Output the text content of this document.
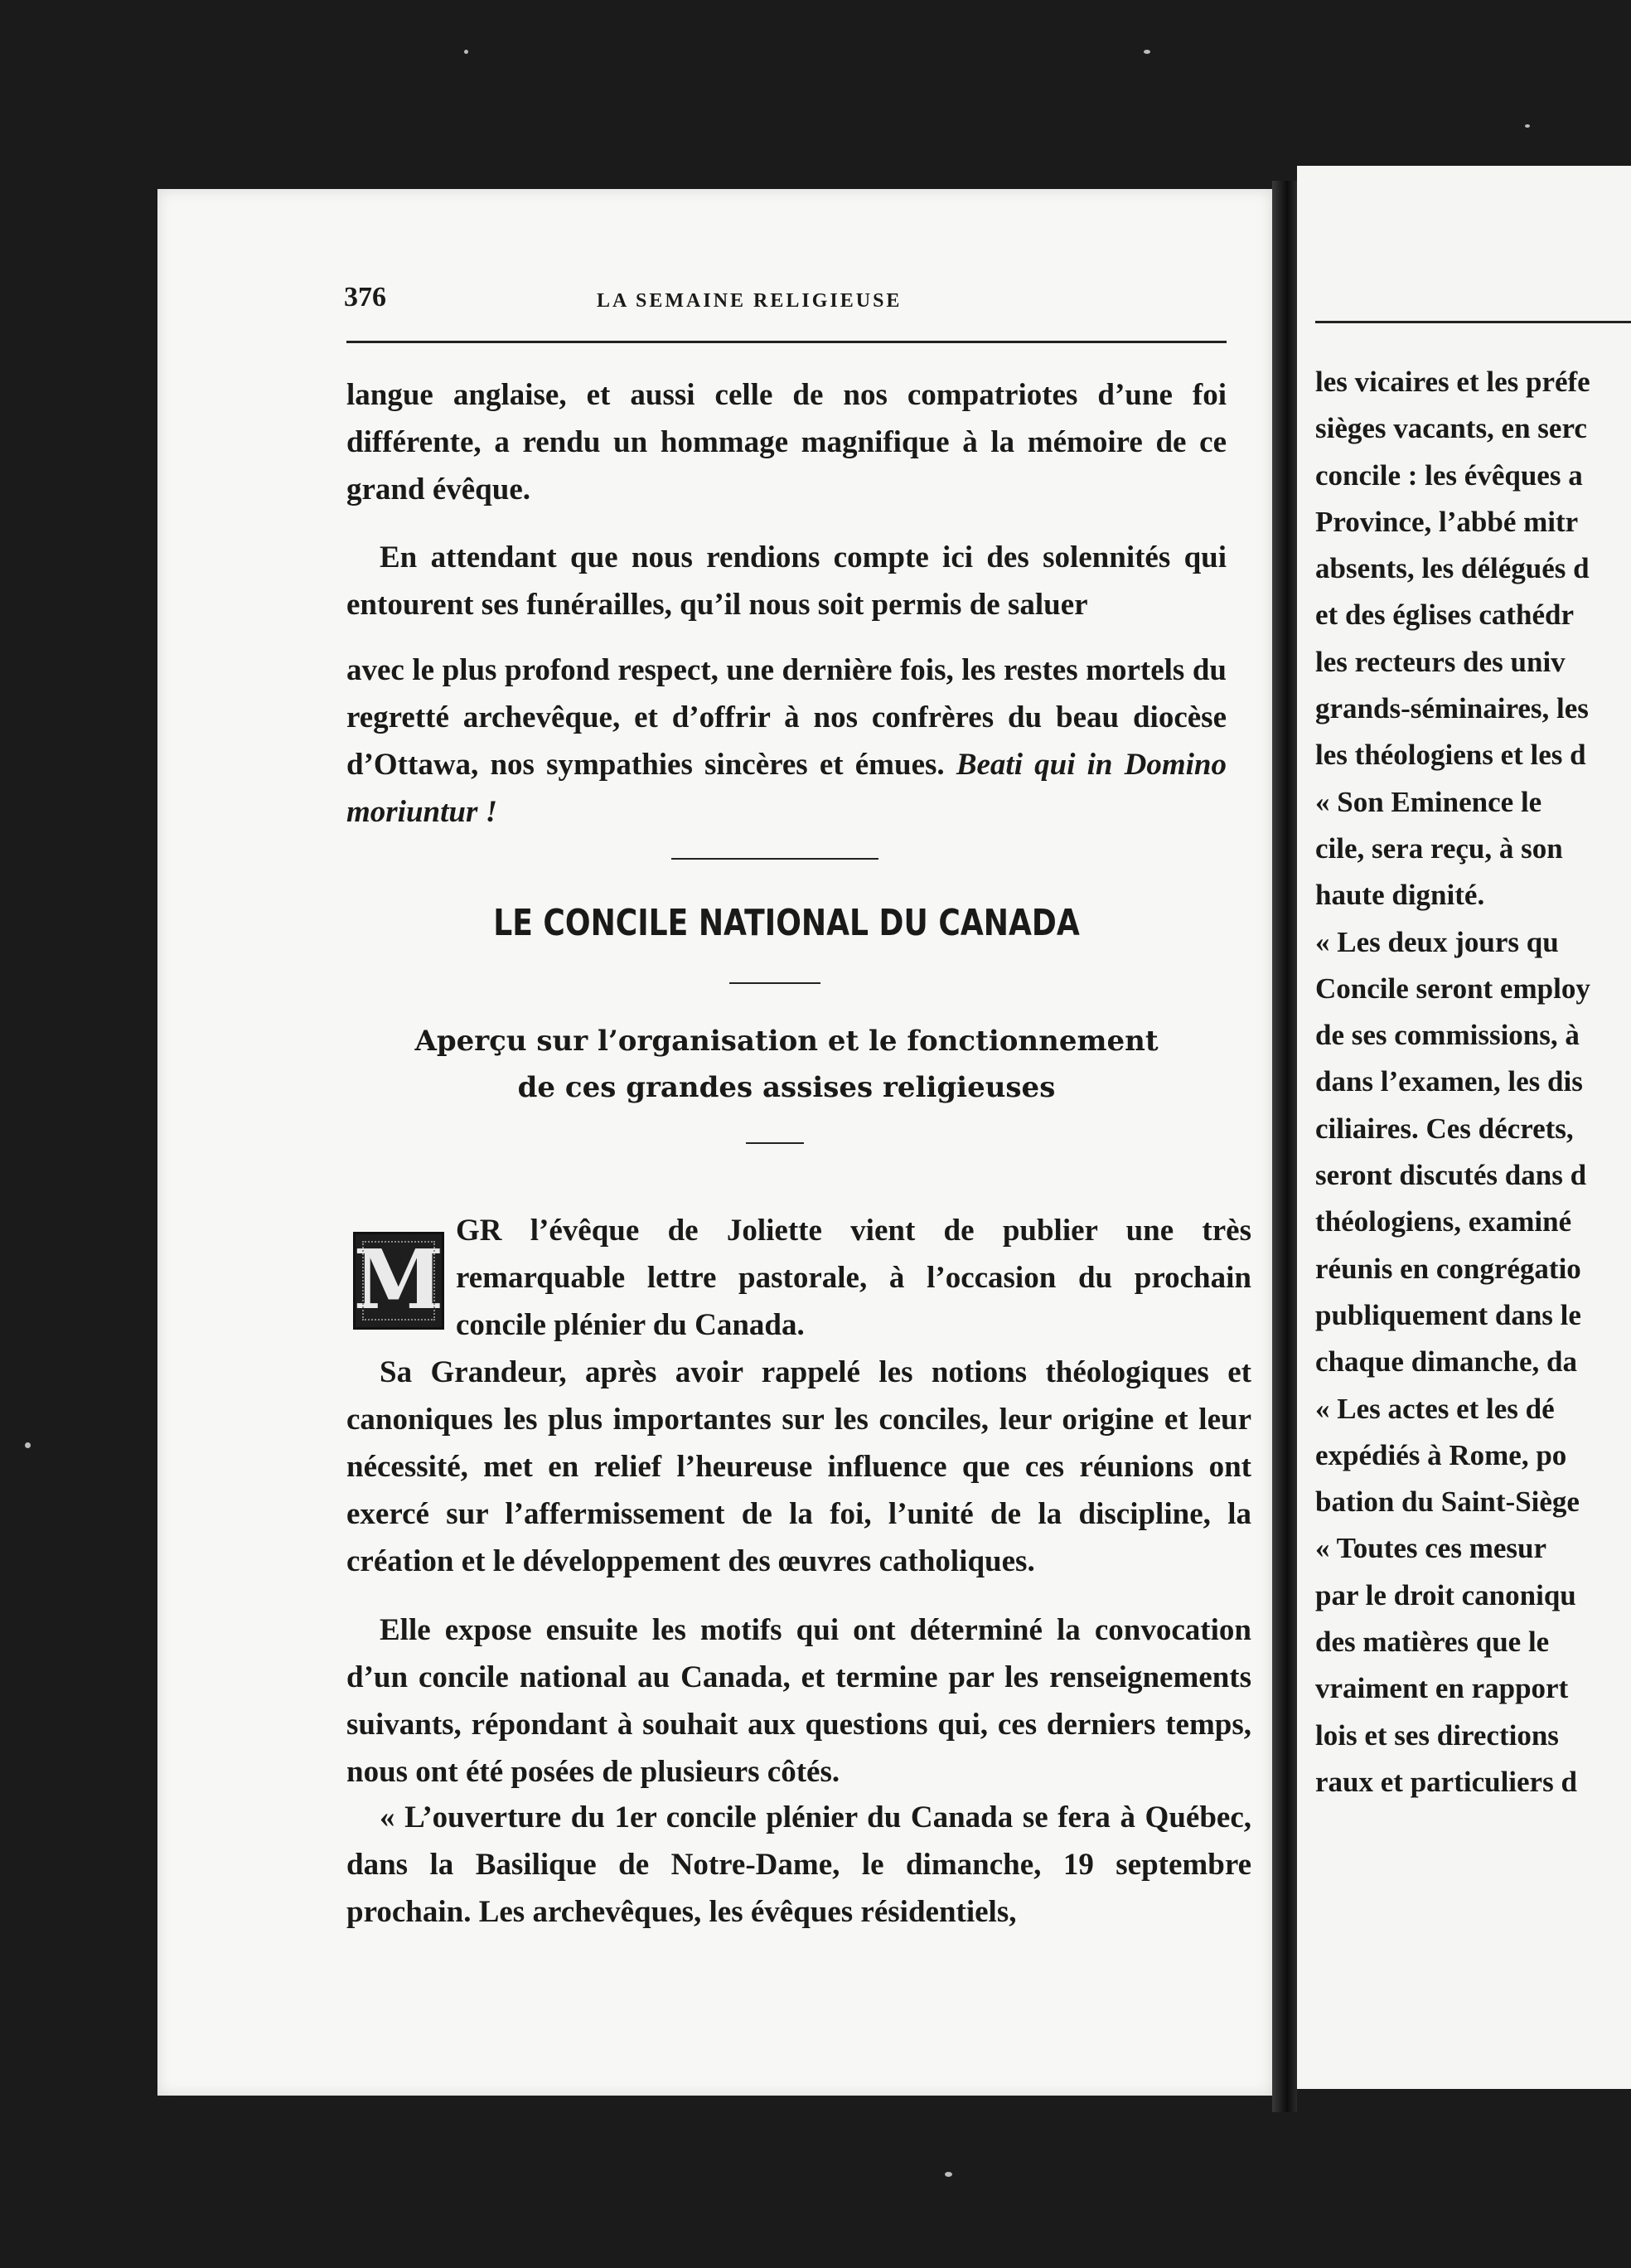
376	LA SEMAINE RELIGIEUSE

langue anglaise, et aussi celle de nos compatriotes d’une foi différente, a rendu un hommage magnifique à la mémoire de ce grand évêque.

En attendant que nous rendions compte ici des solennités qui entourent ses funérailles, qu’il nous soit permis de saluer

avec le plus profond respect, une dernière fois, les restes mortels du regretté archevêque, et d’offrir à nos confrères du beau diocèse d’Ottawa, nos sympathies sincères et émues. Beati qui in Domino moriuntur !

LE CONCILE NATIONAL DU CANADA
Aperçu sur l’organisation et le fonctionnement
de ces grandes assises religieuses
M

GR l’évêque de Joliette vient de publier une très remarquable lettre pastorale, à l’occasion du prochain concile plénier du Canada.

Sa Grandeur, après avoir rappelé les notions théologiques et canoniques les plus importantes sur les conciles, leur origine et leur nécessité, met en relief l’heureuse influence que ces réunions ont exercé sur l’affermissement de la foi, l’unité de la discipline, la création et le développement des œuvres catholiques.

Elle expose ensuite les motifs qui ont déterminé la convocation d’un concile national au Canada, et termine par les renseignements suivants, répondant à souhait aux questions qui, ces derniers temps, nous ont été posées de plusieurs côtés.

« L’ouverture du 1er concile plénier du Canada se fera à Québec, dans la Basilique de Notre-Dame, le dimanche, 19 septembre prochain. Les archevêques, les évêques résidentiels,

les vicaires et les préfe
sièges vacants, en serc
concile : les évêques a
Province, l’abbé mitr
absents, les délégués d
et des églises cathédr
les recteurs des univ
grands-séminaires, les
les théologiens et les d
« Son Eminence le
cile, sera reçu, à son
haute dignité.
« Les deux jours qu
Concile seront employ
de ses commissions, à
dans l’examen, les dis
ciliaires. Ces décrets,
seront discutés dans d
théologiens, examiné
réunis en congrégatio
publiquement dans le
chaque dimanche, da
« Les actes et les dé
expédiés à Rome, po
bation du Saint-Siège
« Toutes ces mesur
par le droit canoniqu
des matières que le
vraiment en rapport
lois et ses directions
raux et particuliers d
